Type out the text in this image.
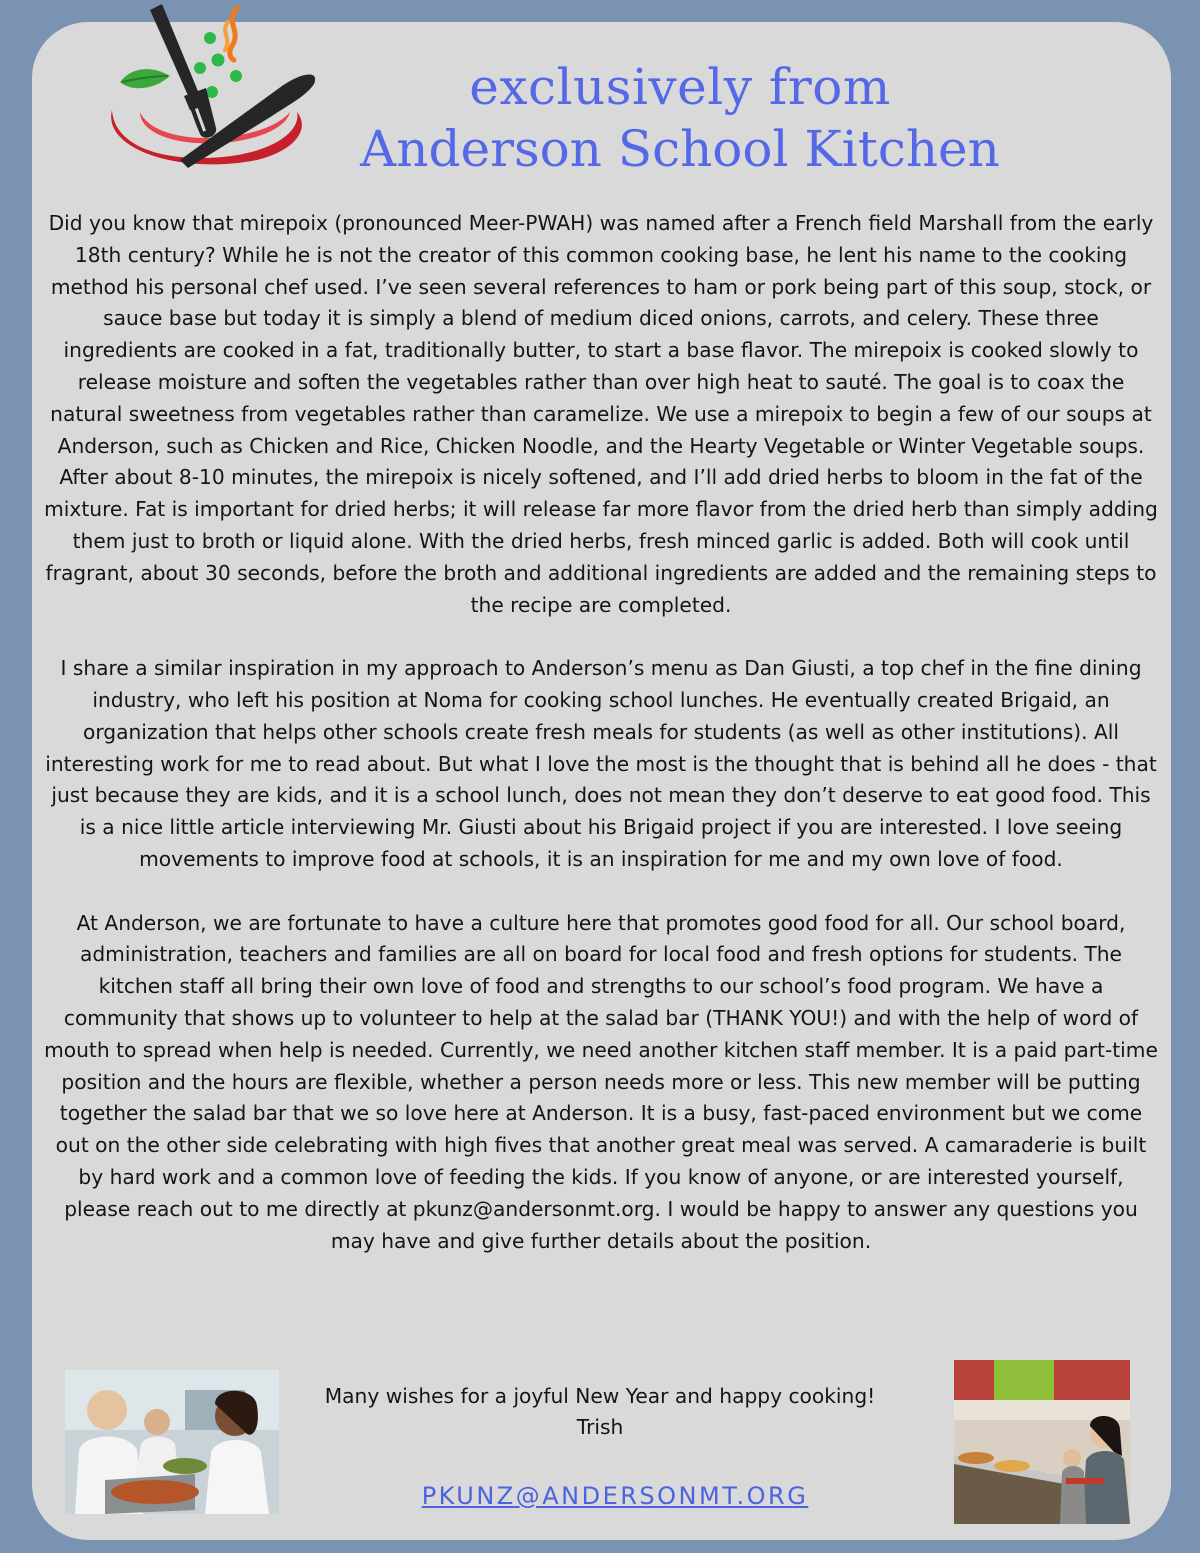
exclusively from
Anderson School Kitchen

Did you know that mirepoix (pronounced Meer-PWAH) was named after a French field Marshall from the early 18th century? While he is not the creator of this common cooking base, he lent his name to the cooking method his personal chef used. I’ve seen several references to ham or pork being part of this soup, stock, or sauce base but today it is simply a blend of medium diced onions, carrots, and celery. These three ingredients are cooked in a fat, traditionally butter, to start a base flavor. The mirepoix is cooked slowly to release moisture and soften the vegetables rather than over high heat to sauté. The goal is to coax the natural sweetness from vegetables rather than caramelize. We use a mirepoix to begin a few of our soups at Anderson, such as Chicken and Rice, Chicken Noodle, and the Hearty Vegetable or Winter Vegetable soups. After about 8-10 minutes, the mirepoix is nicely softened, and I’ll add dried herbs to bloom in the fat of the mixture. Fat is important for dried herbs; it will release far more flavor from the dried herb than simply adding them just to broth or liquid alone. With the dried herbs, fresh minced garlic is added. Both will cook until fragrant, about 30 seconds, before the broth and additional ingredients are added and the remaining steps to the recipe are completed.

I share a similar inspiration in my approach to Anderson’s menu as Dan Giusti, a top chef in the fine dining industry, who left his position at Noma for cooking school lunches. He eventually created Brigaid, an organization that helps other schools create fresh meals for students (as well as other institutions). All interesting work for me to read about. But what I love the most is the thought that is behind all he does - that just because they are kids, and it is a school lunch, does not mean they don’t deserve to eat good food. This is a nice little article interviewing Mr. Giusti about his Brigaid project if you are interested. I love seeing movements to improve food at schools, it is an inspiration for me and my own love of food.

At Anderson, we are fortunate to have a culture here that promotes good food for all. Our school board, administration, teachers and families are all on board for local food and fresh options for students. The kitchen staff all bring their own love of food and strengths to our school’s food program. We have a community that shows up to volunteer to help at the salad bar (THANK YOU!) and with the help of word of mouth to spread when help is needed. Currently, we need another kitchen staff member. It is a paid part-time position and the hours are flexible, whether a person needs more or less. This new member will be putting together the salad bar that we so love here at Anderson. It is a busy, fast-paced environment but we come out on the other side celebrating with high fives that another great meal was served. A camaraderie is built by hard work and a common love of feeding the kids. If you know of anyone, or are interested yourself, please reach out to me directly at pkunz@andersonmt.org. I would be happy to answer any questions you may have and give further details about the position.

Many wishes for a joyful New Year and happy cooking!
Trish
PKUNZ@ANDERSONMT.ORG
